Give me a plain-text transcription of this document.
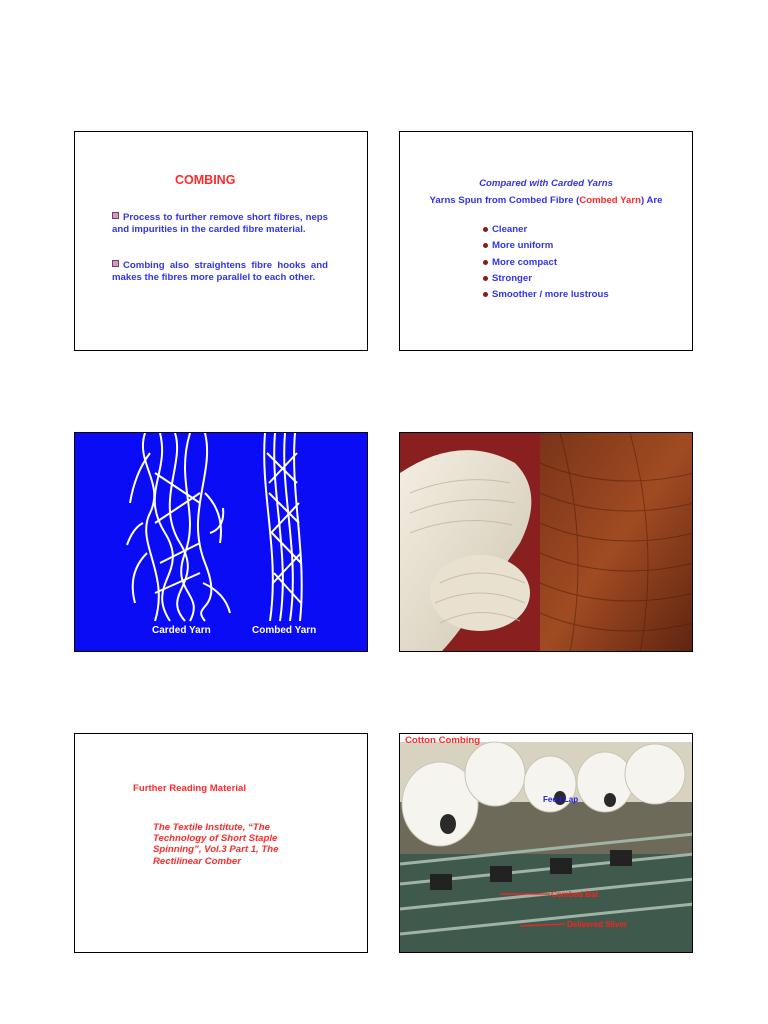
COMBING
Process to further remove short fibres, neps and impurities in the carded fibre material.
Combing also straightens fibre hooks and makes the fibres more parallel to each other.
Compared with Carded Yarns
Yarns Spun from Combed Fibre (Combed Yarn) Are
Cleaner
More uniform
More compact
Stronger
Smoother / more lustrous
Carded Yarn	Combed Yarn
Further Reading Material
The Textile Institute, “The Technology of Short Staple Spinning”, Vol.3 Part 1, The Rectilinear Comber
Cotton Combing
Feed Lap
Combed Bat
Delivered Sliver
